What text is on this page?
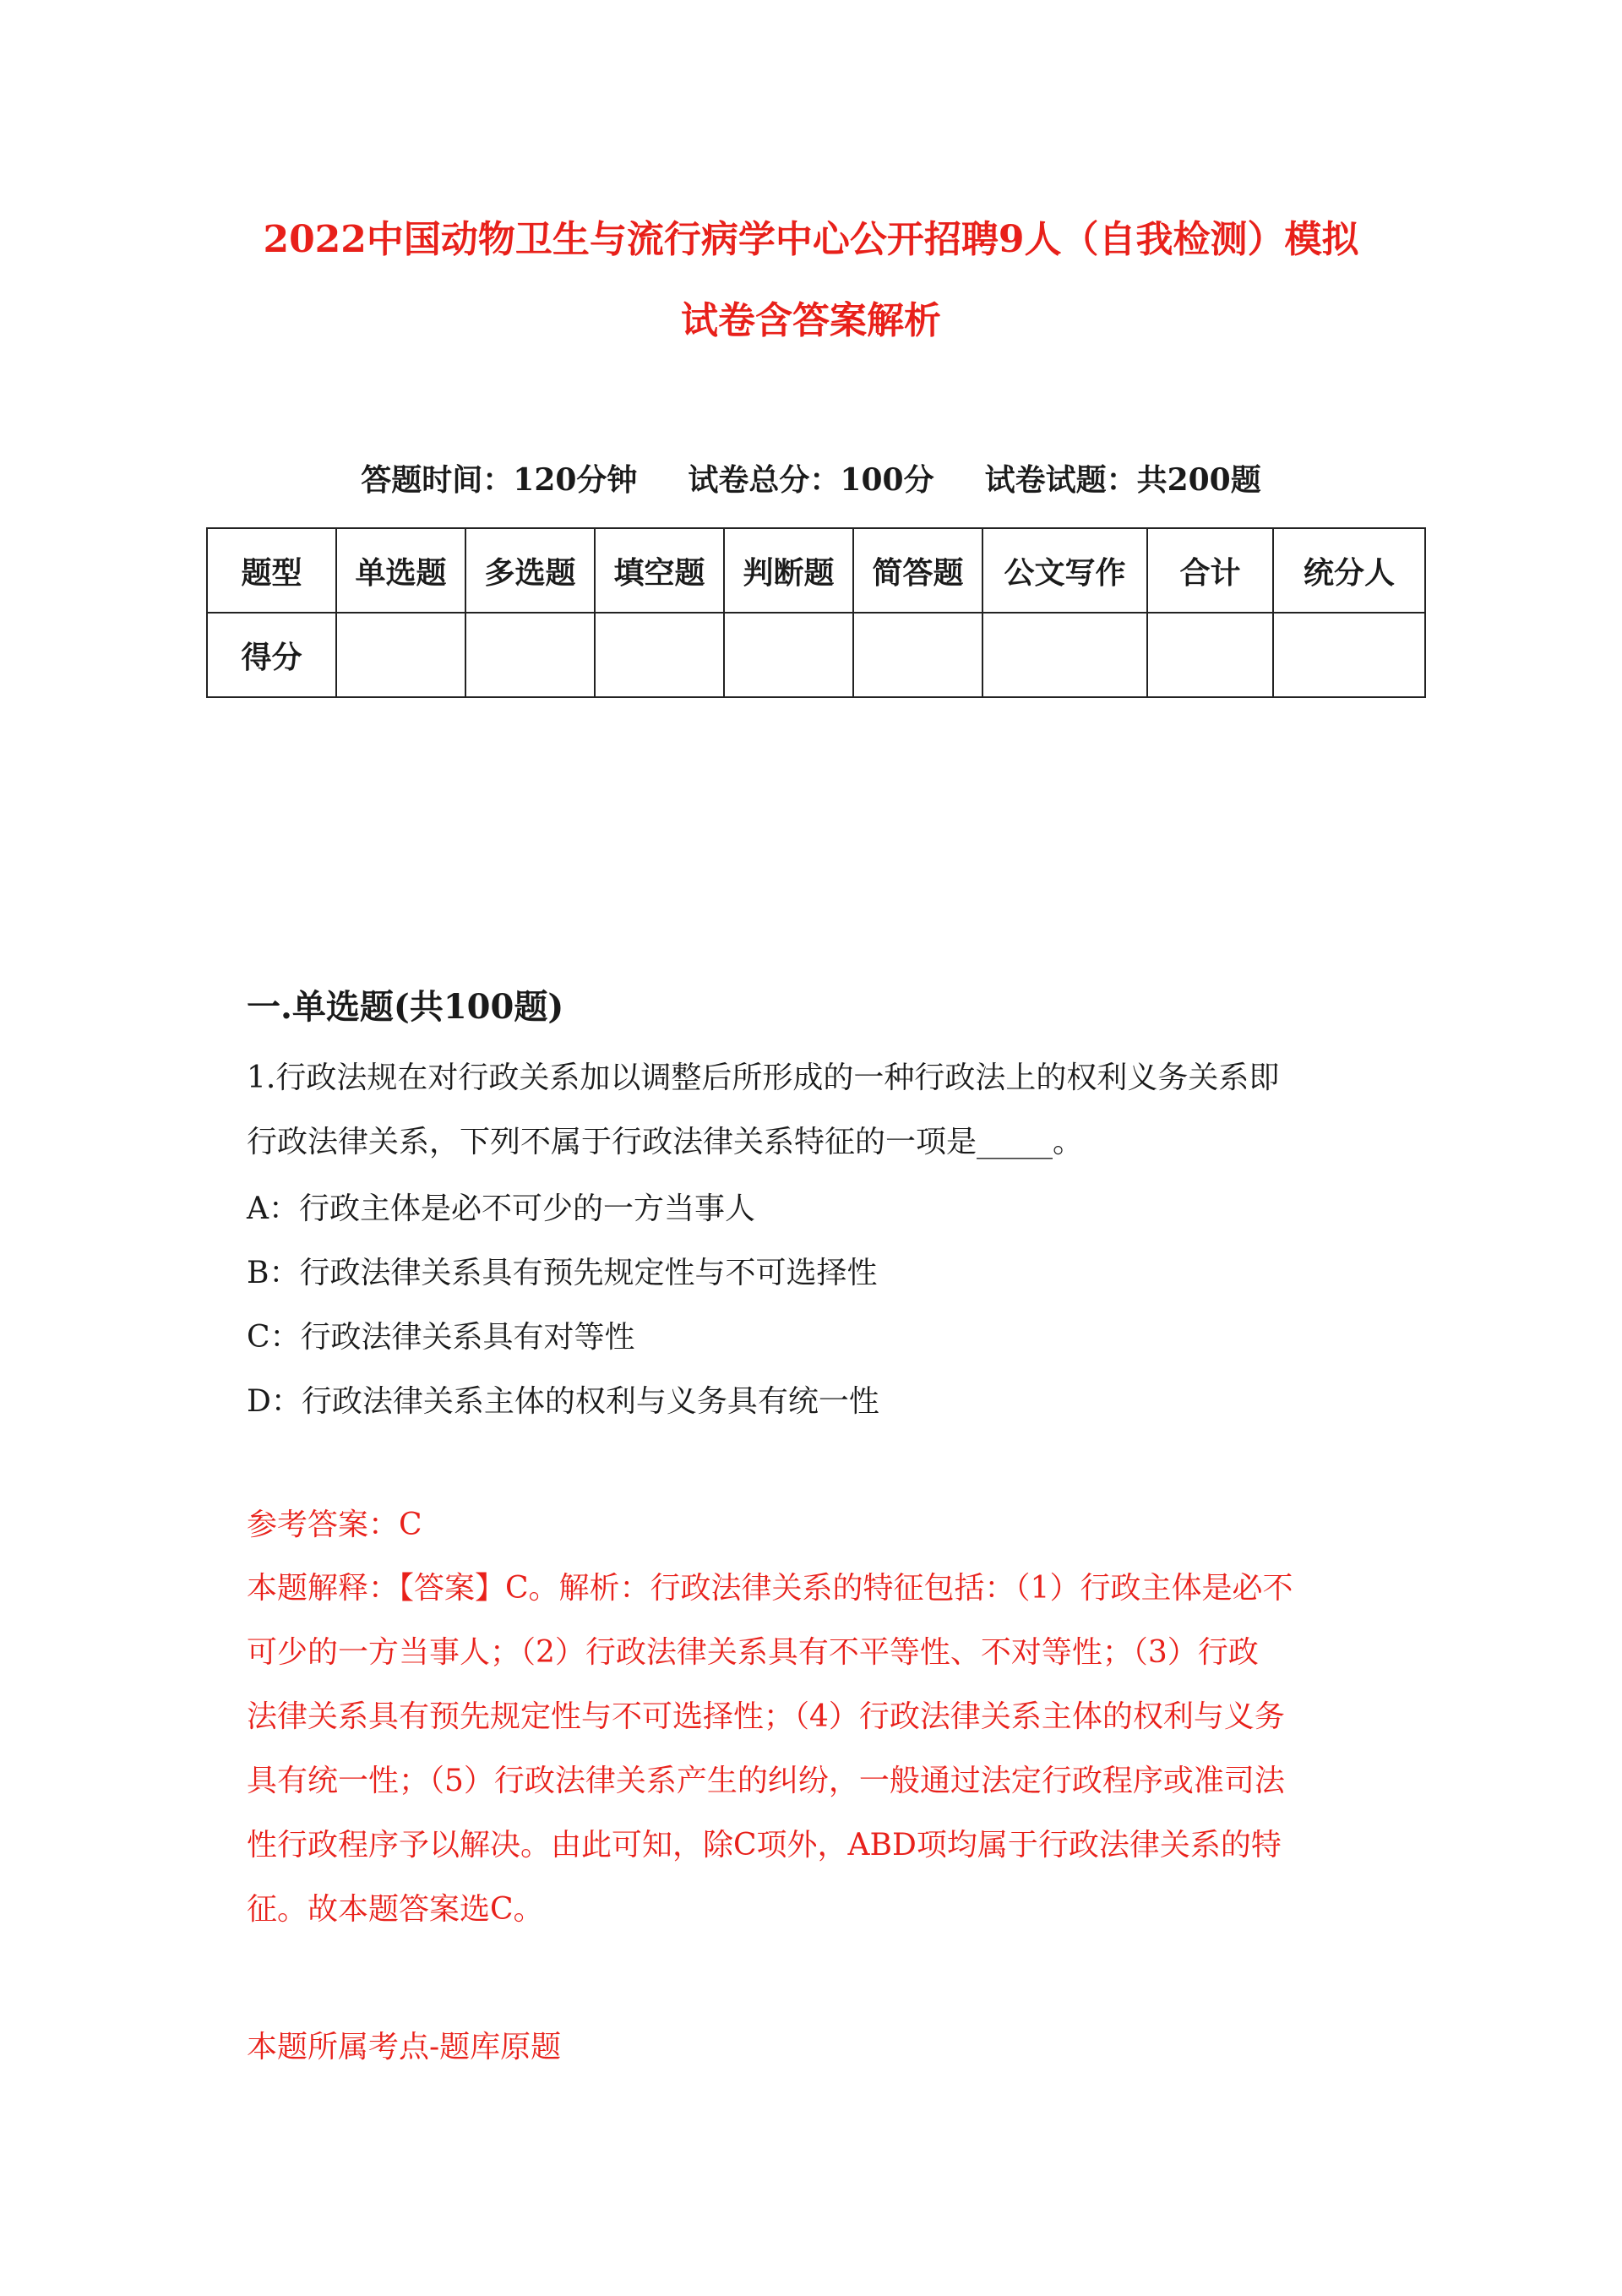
2022中国动物卫生与流行病学中心公开招聘9人（自我检测）模拟
试卷含答案解析
答题时间：120分钟 试卷总分：100分 试卷试题：共200题
题型	单选题	多选题	填空题	判断题	简答题	公文写作	合计	统分人
得分								
一.单选题(共100题)
1.行政法规在对行政关系加以调整后所形成的一种行政法上的权利义务关系即
行政法律关系，下列不属于行政法律关系特征的一项是_____。
A：行政主体是必不可少的一方当事人
B：行政法律关系具有预先规定性与不可选择性
C：行政法律关系具有对等性
D：行政法律关系主体的权利与义务具有统一性
参考答案：C

本题解释：【答案】C。解析：行政法律关系的特征包括：（1）行政主体是必不

可少的一方当事人；（2）行政法律关系具有不平等性、不对等性；（3）行政

法律关系具有预先规定性与不可选择性；（4）行政法律关系主体的权利与义务

具有统一性；（5）行政法律关系产生的纠纷，一般通过法定行政程序或准司法

性行政程序予以解决。由此可知，除C项外，ABD项均属于行政法律关系的特

征。故本题答案选C。

本题所属考点-题库原题
